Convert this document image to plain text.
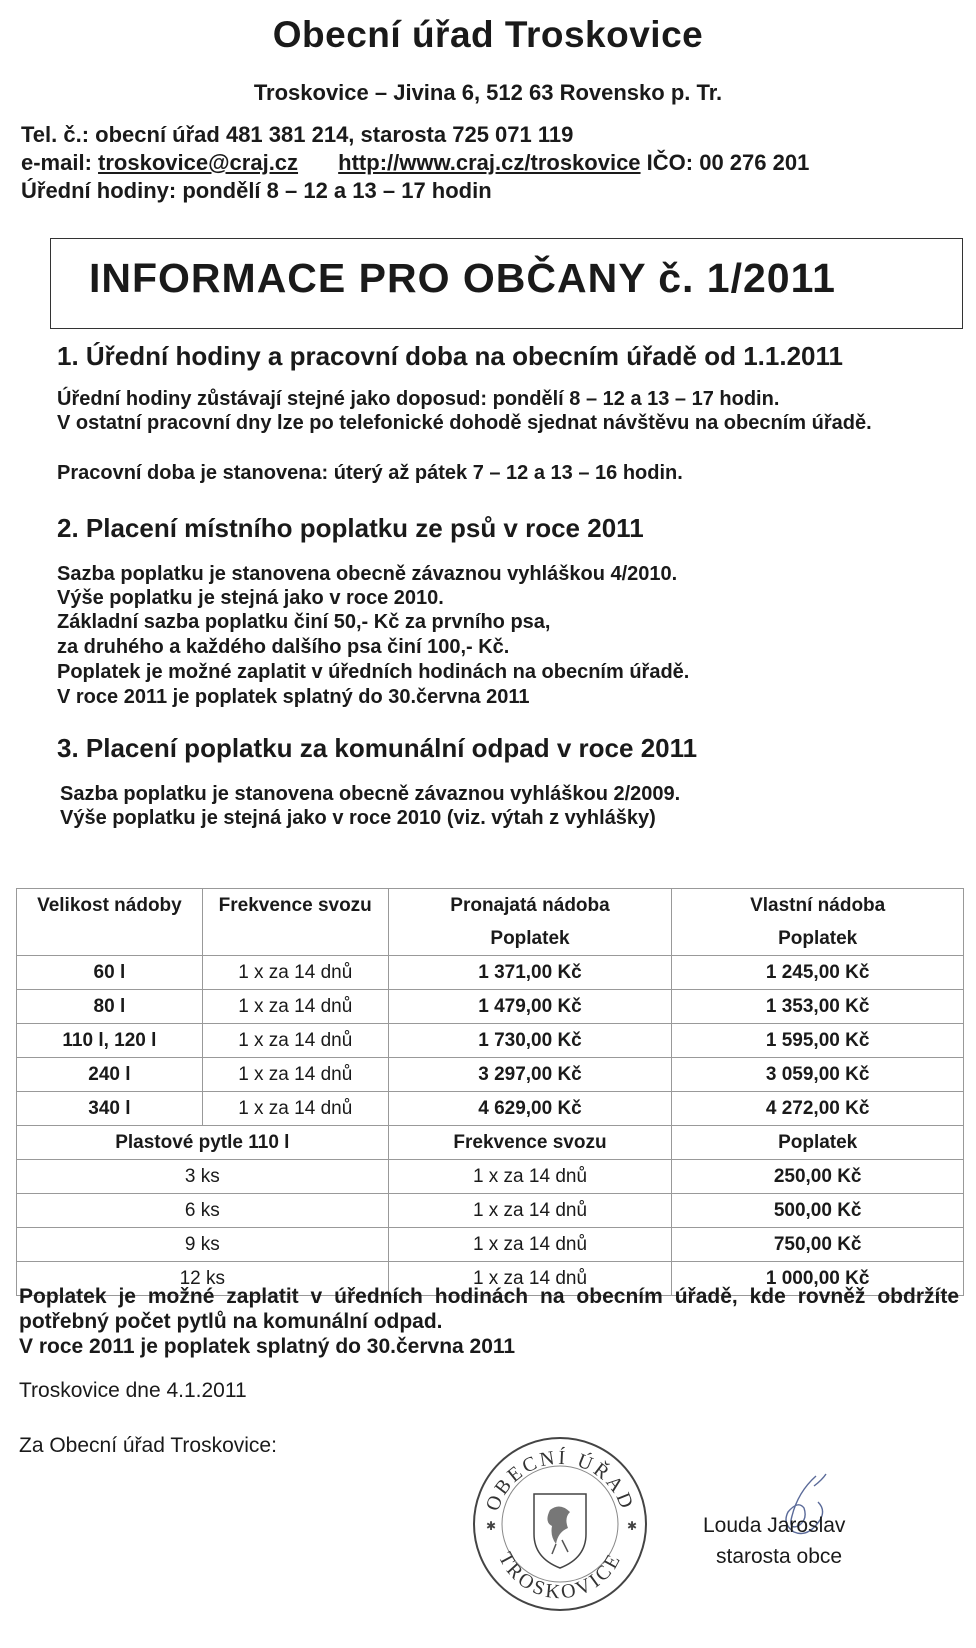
Obecní úřad Troskovice
Troskovice – Jivina 6, 512 63 Rovensko p. Tr.
Tel. č.: obecní úřad 481 381 214, starosta 725 071 119
e-mail: troskovice@craj.cz http://www.craj.cz/troskovice IČO: 00 276 201
Úřední hodiny: pondělí 8 – 12 a 13 – 17 hodin
INFORMACE PRO OBČANY č. 1/2011
1. Úřední hodiny a pracovní doba na obecním úřadě od 1.1.2011
Úřední hodiny zůstávají stejné jako doposud: pondělí 8 – 12 a 13 – 17 hodin.
V ostatní pracovní dny lze po telefonické dohodě sjednat návštěvu na obecním úřadě.
Pracovní doba je stanovena: úterý až pátek 7 – 12 a 13 – 16 hodin.
2. Placení místního poplatku ze psů v roce 2011
Sazba poplatku je stanovena obecně závaznou vyhláškou 4/2010.
Výše poplatku je stejná jako v roce 2010.
Základní sazba poplatku činí 50,- Kč za prvního psa,
za druhého a každého dalšího psa činí 100,- Kč.
Poplatek je možné zaplatit v úředních hodinách na obecním úřadě.
V roce 2011 je poplatek splatný do 30.června 2011
3. Placení poplatku za komunální odpad v roce 2011
Sazba poplatku je stanovena obecně závaznou vyhláškou 2/2009.
Výše poplatku je stejná jako v roce 2010 (viz. výtah z vyhlášky)
Velikost nádoby	Frekvence svozu	Pronajatá nádoba	Vlastní nádoba
		Poplatek	Poplatek
60 l	1 x za 14 dnů	1 371,00 Kč	1 245,00 Kč
80 l	1 x za 14 dnů	1 479,00 Kč	1 353,00 Kč
110 l, 120 l	1 x za 14 dnů	1 730,00 Kč	1 595,00 Kč
240 l	1 x za 14 dnů	3 297,00 Kč	3 059,00 Kč
340 l	1 x za 14 dnů	4 629,00 Kč	4 272,00 Kč
Plastové pytle 110 l		Frekvence svozu	Poplatek
3 ks		1 x za 14 dnů	250,00 Kč
6 ks		1 x za 14 dnů	500,00 Kč
9 ks		1 x za 14 dnů	750,00 Kč
12 ks		1 x za 14 dnů	1 000,00 Kč
Poplatek je možné zaplatit v úředních hodinách na obecním úřadě, kde rovněž obdržíte potřebný počet pytlů na komunální odpad.
V roce 2011 je poplatek splatný do 30.června 2011
Troskovice dne 4.1.2011
Za Obecní úřad Troskovice:
OBECNÍ ÚŘAD
TROSKOVICE
✱	✱	Louda Jaroslav
starosta obce
